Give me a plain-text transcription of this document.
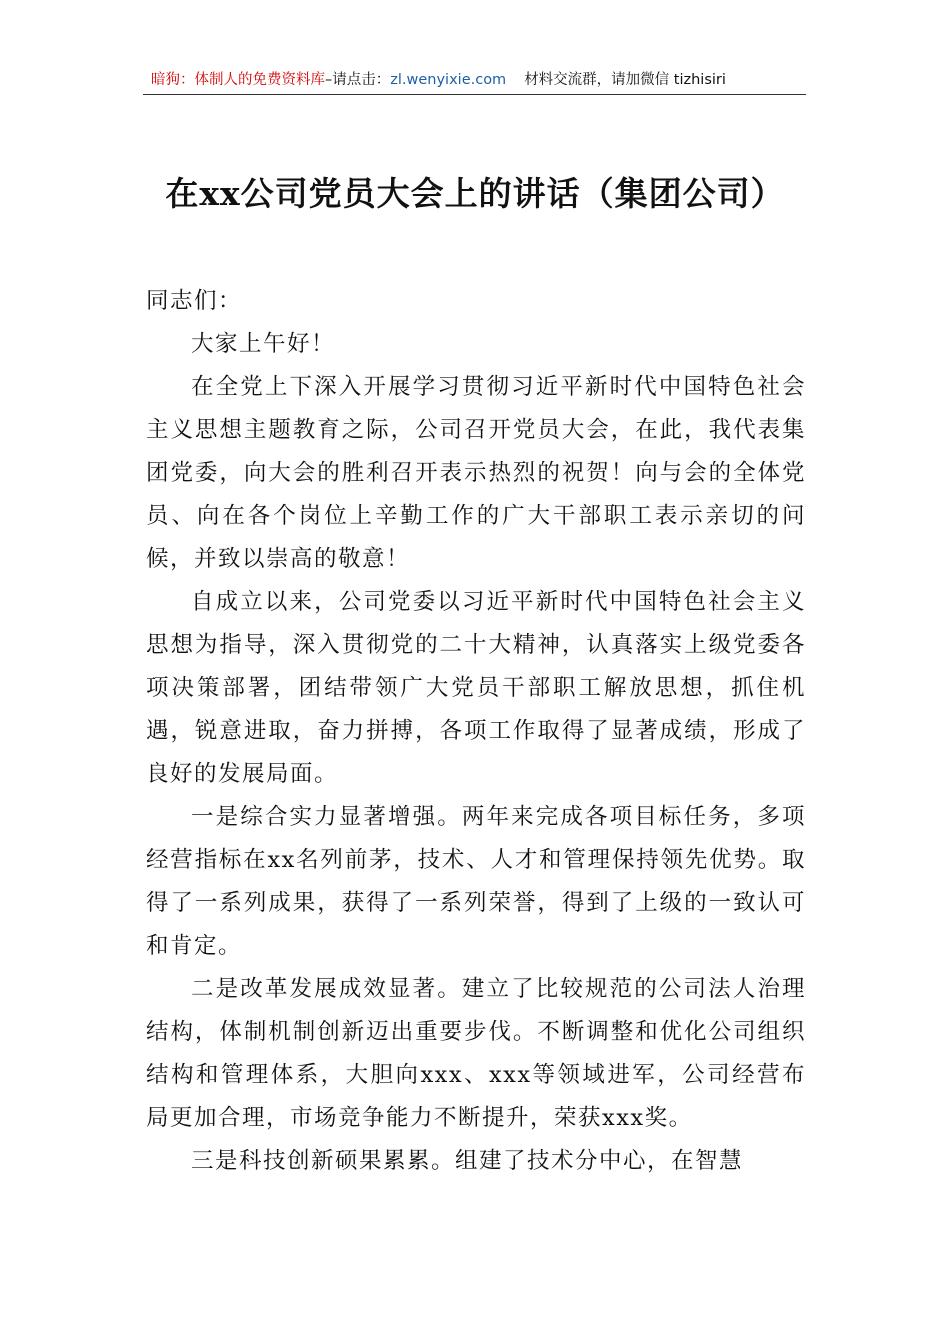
暗狗：体制人的免费资料库 –请点击： zl.wenyixie.com 材料交流群，请加微信 tizhisiri
在xx公司党员大会上的讲话（集团公司）

同志们：

大家上午好！

在全党上下深入开展学习贯彻习近平新时代中国特色社会主义思想主题教育之际，公司召开党员大会，在此，我代表集团党委，向大会的胜利召开表示热烈的祝贺！向与会的全体党员、向在各个岗位上辛勤工作的广大干部职工表示亲切的问候，并致以崇高的敬意！

自成立以来，公司党委以习近平新时代中国特色社会主义思想为指导，深入贯彻党的二十大精神，认真落实上级党委各项决策部署，团结带领广大党员干部职工解放思想，抓住机遇，锐意进取，奋力拼搏，各项工作取得了显著成绩，形成了良好的发展局面。

一是综合实力显著增强。两年来完成各项目标任务，多项经营指标在xx名列前茅，技术、人才和管理保持领先优势。取得了一系列成果，获得了一系列荣誉，得到了上级的一致认可和肯定。

二是改革发展成效显著。建立了比较规范的公司法人治理结构，体制机制创新迈出重要步伐。不断调整和优化公司组织结构和管理体系，大胆向xxx、xxx等领域进军，公司经营布局更加合理，市场竞争能力不断提升，荣获xxx奖。

三是科技创新硕果累累。组建了技术分中心，在智慧
